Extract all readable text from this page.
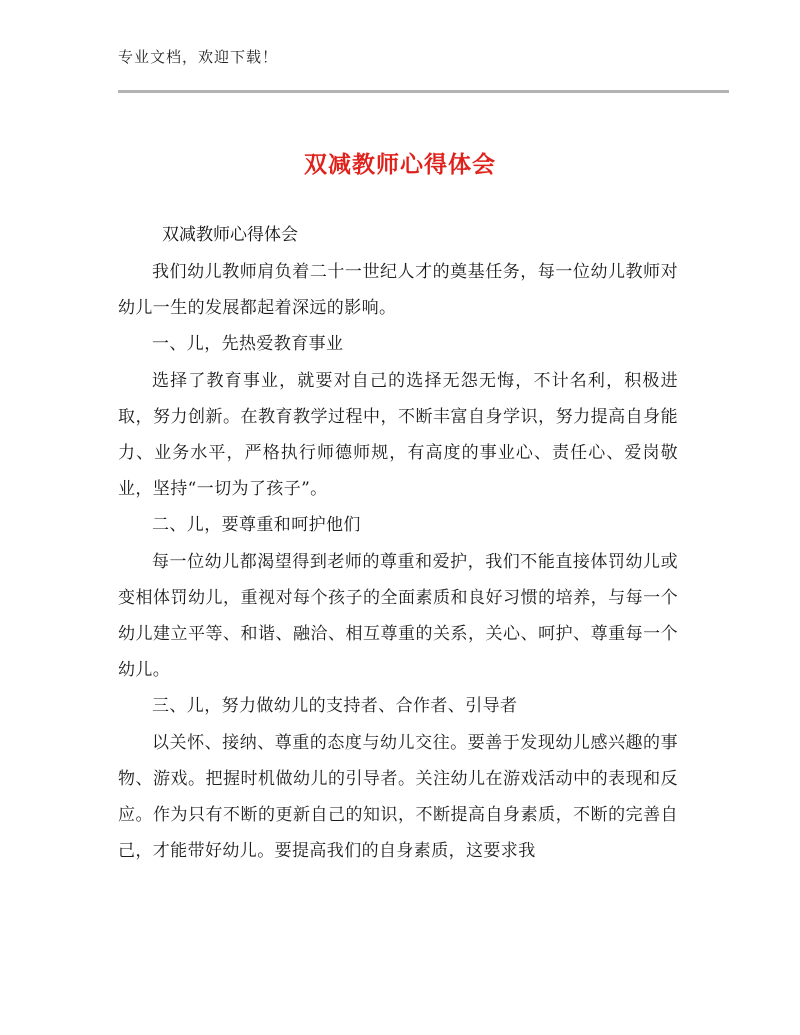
专业文档，欢迎下载！
双减教师心得体会
双减教师心得体会

我们幼儿教师肩负着二十一世纪人才的奠基任务，每一位幼儿教师对幼儿一生的发展都起着深远的影响。

一、儿，先热爱教育事业

选择了教育事业，就要对自己的选择无怨无悔，不计名利，积极进取，努力创新。在教育教学过程中，不断丰富自身学识，努力提高自身能力、业务水平，严格执行师德师规，有高度的事业心、责任心、爱岗敬业，坚持“一切为了孩子”。

二、儿，要尊重和呵护他们

每一位幼儿都渴望得到老师的尊重和爱护，我们不能直接体罚幼儿或变相体罚幼儿，重视对每个孩子的全面素质和良好习惯的培养，与每一个幼儿建立平等、和谐、融洽、相互尊重的关系，关心、呵护、尊重每一个幼儿。

三、儿，努力做幼儿的支持者、合作者、引导者

以关怀、接纳、尊重的态度与幼儿交往。要善于发现幼儿感兴趣的事物、游戏。把握时机做幼儿的引导者。关注幼儿在游戏活动中的表现和反应。作为只有不断的更新自己的知识，不断提高自身素质，不断的完善自己，才能带好幼儿。要提高我们的自身素质，这要求我
